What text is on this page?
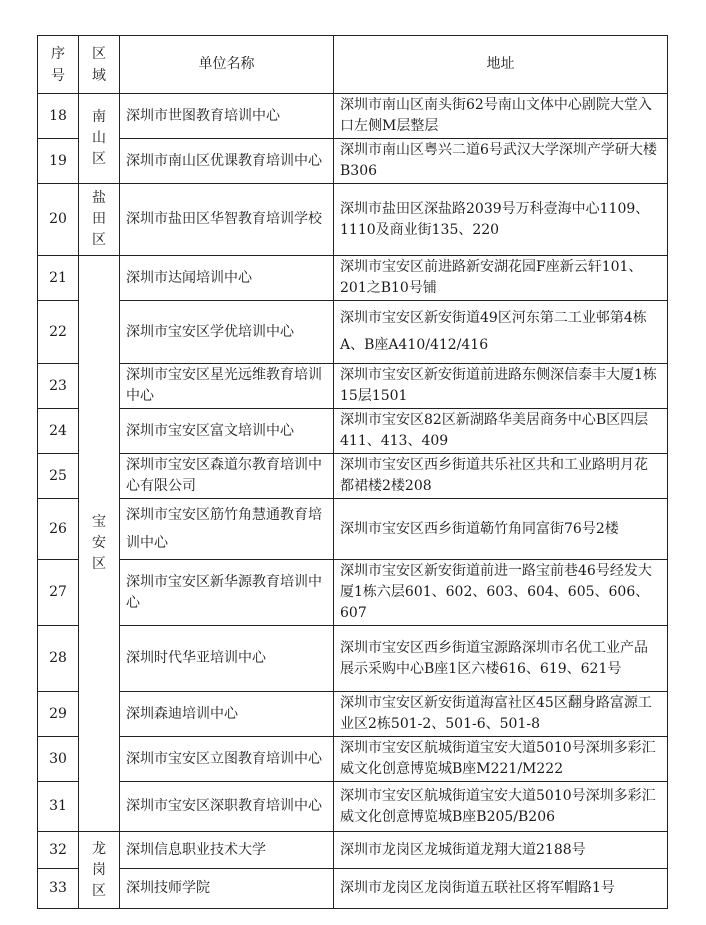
序号	区域	单位名称	地址
18	南山区	深圳市世图教育培训中心	深圳市南山区南头街62号南山文体中心剧院大堂入口左侧M层整层
19		深圳市南山区优课教育培训中心	深圳市南山区粤兴二道6号武汉大学深圳产学研大楼B306
20	盐田区	深圳市盐田区华智教育培训学校	深圳市盐田区深盐路2039号万科壹海中心1109、1110及商业街135、220
21	宝安区	深圳市达闻培训中心	深圳市宝安区前进路新安湖花园F座新云轩101、201之B10号铺
22		深圳市宝安区学优培训中心	深圳市宝安区新安街道49区河东第二工业邨第4栋A、B座A410/412/416
23		深圳市宝安区星光远维教育培训中心	深圳市宝安区新安街道前进路东侧深信泰丰大厦1栋15层1501
24		深圳市宝安区富文培训中心	深圳市宝安区82区新湖路华美居商务中心B区四层411、413、409
25		深圳市宝安区森道尔教育培训中心有限公司	深圳市宝安区西乡街道共乐社区共和工业路明月花都裙楼2楼208
26		深圳市宝安区筋竹角慧通教育培训中心	深圳市宝安区西乡街道簕竹角同富街76号2楼
27		深圳市宝安区新华源教育培训中心	深圳市宝安区新安街道前进一路宝前巷46号经发大厦1栋六层601、602、603、604、605、606、607
28		深圳时代华亚培训中心	深圳市宝安区西乡街道宝源路深圳市名优工业产品展示采购中心B座1区六楼616、619、621号
29		深圳森迪培训中心	深圳市宝安区新安街道海富社区45区翻身路富源工业区2栋501-2、501-6、501-8
30		深圳市宝安区立图教育培训中心	深圳市宝安区航城街道宝安大道5010号深圳多彩汇威文化创意博览城B座M221/M222
31		深圳市宝安区深职教育培训中心	深圳市宝安区航城街道宝安大道5010号深圳多彩汇威文化创意博览城B座B205/B206
32	龙岗区	深圳信息职业技术大学	深圳市龙岗区龙城街道龙翔大道2188号
33		深圳技师学院	深圳市龙岗区龙岗街道五联社区将军帽路1号
